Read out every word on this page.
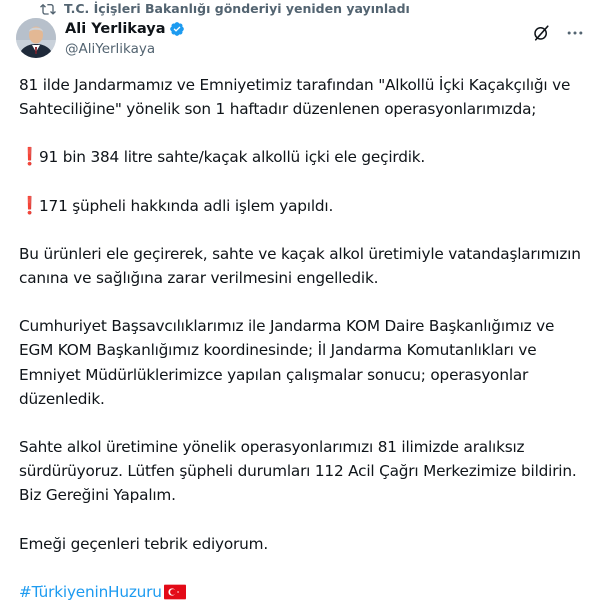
T.C. İçişleri Bakanlığı gönderiyi yeniden yayınladı
Ali Yerlikaya
@AliYerlikaya

81 ilde Jandarmamız ve Emniyetimiz tarafından "Alkollü İçki Kaçakçılığı ve Sahteciliğine" yönelik son 1 haftadır düzenlenen operasyonlarımızda;

❗ 91 bin 384 litre sahte/kaçak alkollü içki ele geçirdik.

❗ 171 şüpheli hakkında adli işlem yapıldı.

Bu ürünleri ele geçirerek, sahte ve kaçak alkol üretimiyle vatandaşlarımızın canına ve sağlığına zarar verilmesini engelledik.

Cumhuriyet Başsavcılıklarımız ile Jandarma KOM Daire Başkanlığımız ve EGM KOM Başkanlığımız koordinesinde; İl Jandarma Komutanlıkları ve Emniyet Müdürlüklerimizce yapılan çalışmalar sonucu; operasyonlar düzenledik.

Sahte alkol üretimine yönelik operasyonlarımızı 81 ilimizde aralıksız sürdürüyoruz. Lütfen şüpheli durumları 112 Acil Çağrı Merkezimize bildirin. Biz Gereğini Yapalım.

Emeği geçenleri tebrik ediyorum.

#TürkiyeninHuzuru
